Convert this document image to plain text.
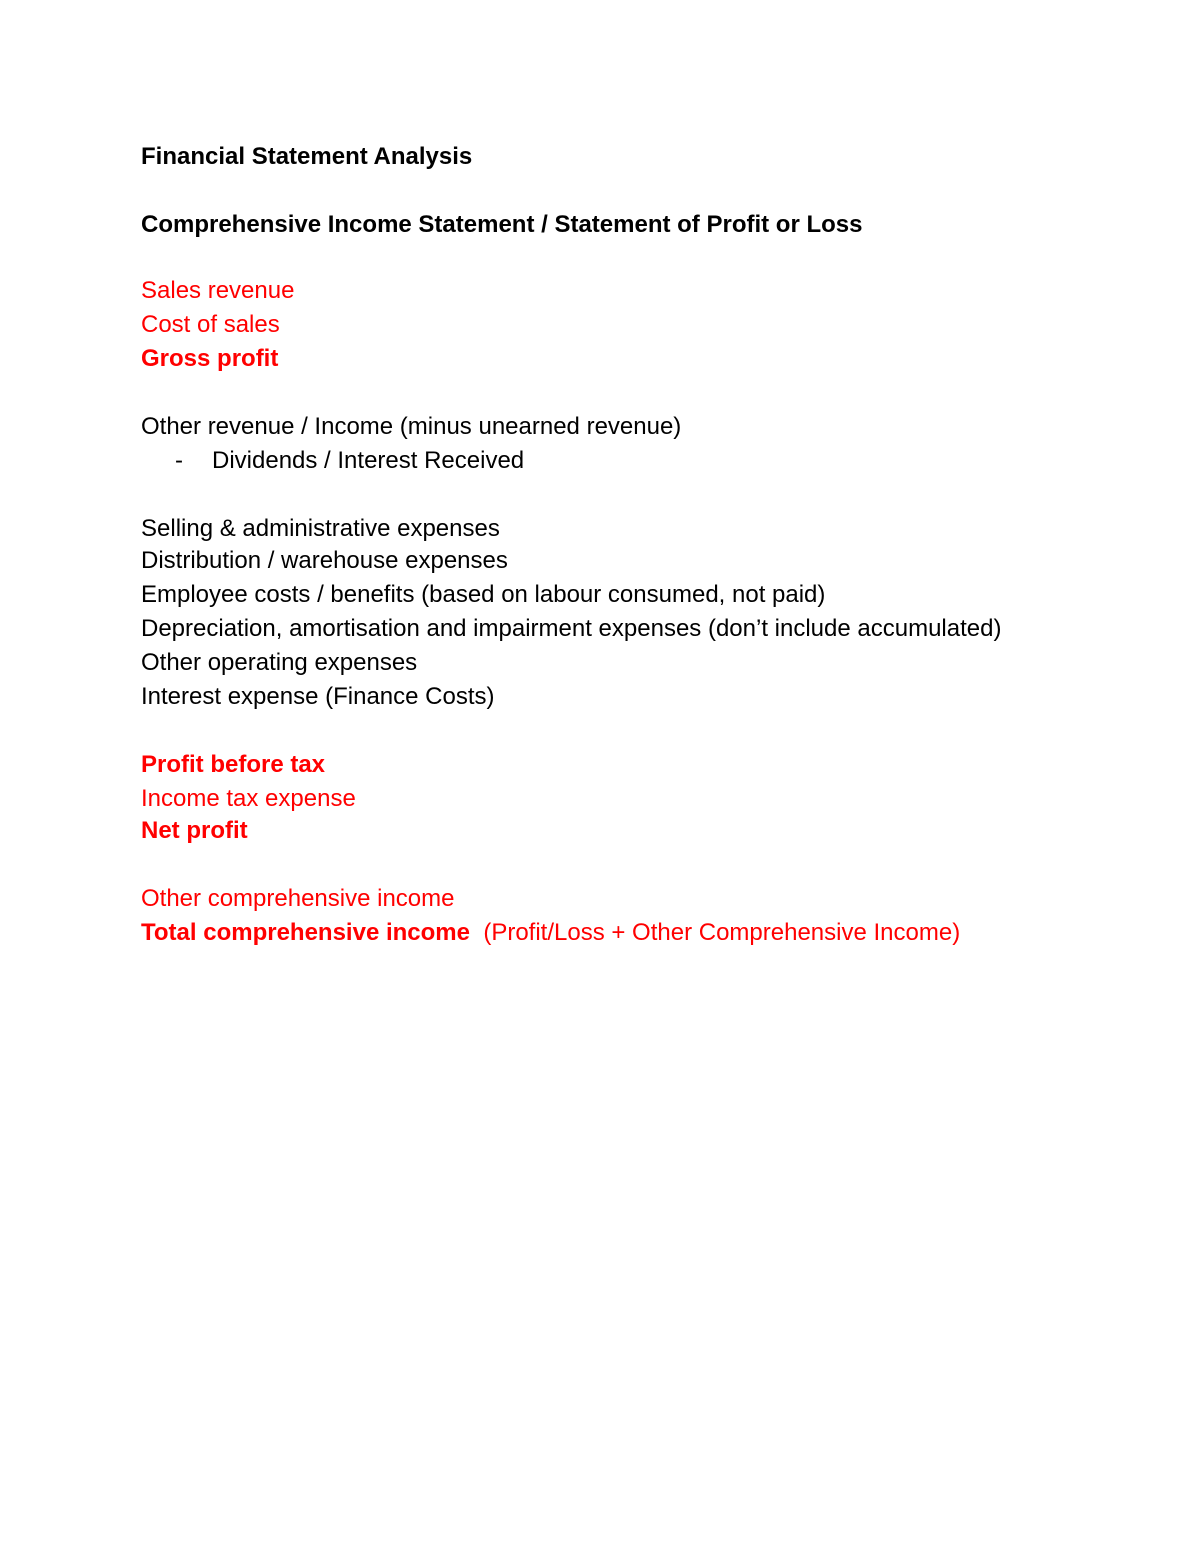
Financial Statement Analysis
Comprehensive Income Statement / Statement of Profit or Loss
Sales revenue
Cost of sales
Gross profit
Other revenue / Income (minus unearned revenue)
- Dividends / Interest Received
Selling & administrative expenses
Distribution / warehouse expenses
Employee costs / benefits (based on labour consumed, not paid)
Depreciation, amortisation and impairment expenses (don’t include accumulated)
Other operating expenses
Interest expense (Finance Costs)
Profit before tax
Income tax expense
Net profit
Other comprehensive income
Total comprehensive income (Profit/Loss + Other Comprehensive Income)
